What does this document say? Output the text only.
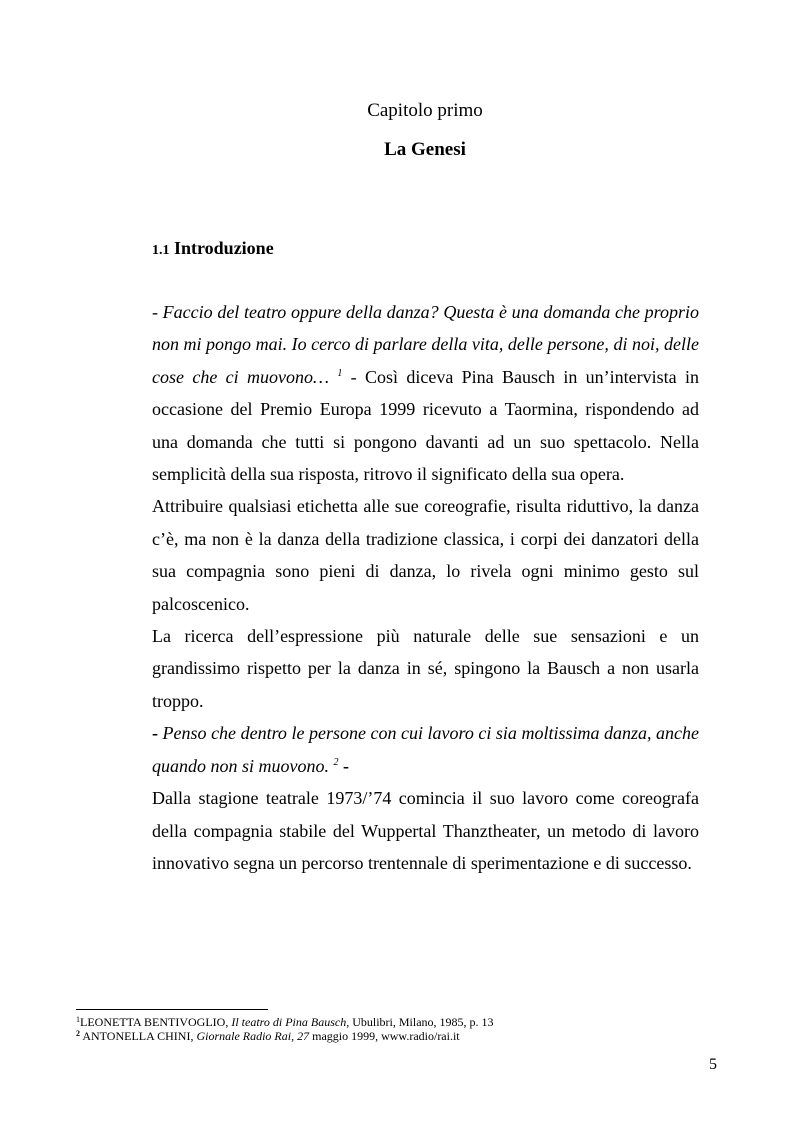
Capitolo primo
La Genesi
1.1 Introduzione

- Faccio del teatro oppure della danza? Questa è una domanda che proprio non mi pongo mai. Io cerco di parlare della vita, delle persone, di noi, delle cose che ci muovono… $^1$ - Così diceva Pina Bausch in un’intervista in occasione del Premio Europa 1999 ricevuto a Taormina, rispondendo ad una domanda che tutti si pongono davanti ad un suo spettacolo. Nella semplicità della sua risposta, ritrovo il significato della sua opera.

Attribuire qualsiasi etichetta alle sue coreografie, risulta riduttivo, la danza c’è, ma non è la danza della tradizione classica, i corpi dei danzatori della sua compagnia sono pieni di danza, lo rivela ogni minimo gesto sul palcoscenico.

La ricerca dell’espressione più naturale delle sue sensazioni e un grandissimo rispetto per la danza in sé, spingono la Bausch a non usarla troppo.

- Penso che dentro le persone con cui lavoro ci sia moltissima danza, anche quando non si muovono. $^2$ -

Dalla stagione teatrale 1973/’74 comincia il suo lavoro come coreografa della compagnia stabile del Wuppertal Thanztheater, un metodo di lavoro innovativo segna un percorso trentennale di sperimentazione e di successo.

$^1$LEONETTA BENTIVOGLIO, Il teatro di Pina Bausch, Ubulibri, Milano, 1985, p. 13
$^2$ ANTONELLA CHINI, Giornale Radio Rai, 27 maggio 1999, www.radio/rai.it
5
